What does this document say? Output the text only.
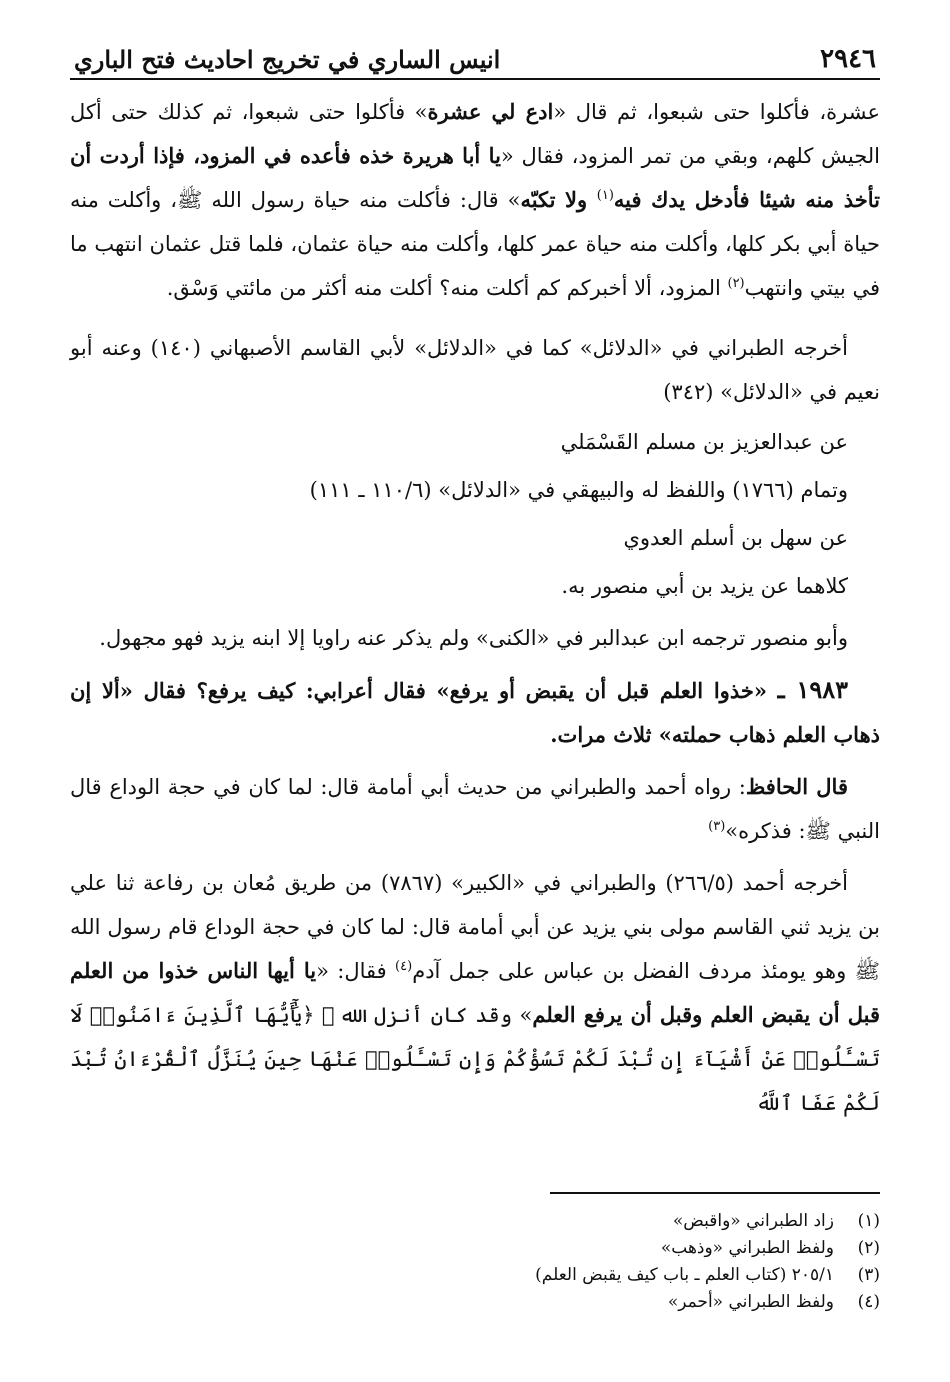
٢٩٤٦
انيس الساري في تخريج احاديث فتح الباري

عشرة، فأكلوا حتى شبعوا، ثم قال «ادع لي عشرة» فأكلوا حتى شبعوا، ثم كذلك حتى أكل الجيش كلهم، وبقي من تمر المزود، فقال «يا أبا هريرة خذه فأعده في المزود، فإذا أردت أن تأخذ منه شيئا فأدخل يدك فيه$^{(١)}$ ولا تكبّه» قال: فأكلت منه حياة رسول الله ﷺ، وأكلت منه حياة أبي بكر كلها، وأكلت منه حياة عمر كلها، وأكلت منه حياة عثمان، فلما قتل عثمان انتهب ما في بيتي وانتهب$^{(٢)}$ المزود، ألا أخبركم كم أكلت منه؟ أكلت منه أكثر من مائتي وَسْق.

أخرجه الطبراني في «الدلائل» كما في «الدلائل» لأبي القاسم الأصبهاني (١٤٠) وعنه أبو نعيم في «الدلائل» (٣٤٢)

عن عبدالعزيز بن مسلم القَسْمَلي

وتمام (١٧٦٦) واللفظ له والبيهقي في «الدلائل» (١١٠/٦ ـ ١١١)

عن سهل بن أسلم العدوي

كلاهما عن يزيد بن أبي منصور به.

وأبو منصور ترجمه ابن عبدالبر في «الكنى» ولم يذكر عنه راويا إلا ابنه يزيد فهو مجهول.

١٩٨٣ ـ «خذوا العلم قبل أن يقبض أو يرفع» فقال أعرابي: كيف يرفع؟ فقال «ألا إن ذهاب العلم ذهاب حملته» ثلاث مرات.

قال الحافظ: رواه أحمد والطبراني من حديث أبي أمامة قال: لما كان في حجة الوداع قال النبي ﷺ: فذكره»$^{(٣)}$

أخرجه أحمد (٢٦٦/٥) والطبراني في «الكبير» (٧٨٦٧) من طريق مُعان بن رفاعة ثنا علي بن يزيد ثني القاسم مولى بني يزيد عن أبي أمامة قال: لما كان في حجة الوداع قام رسول الله ﷺ وهو يومئذ مردف الفضل بن عباس على جمل آدم$^{(٤)}$ فقال: «يا أيها الناس خذوا من العلم قبل أن يقبض العلم وقبل أن يرفع العلم» وقد كان أنزل الله ﷻ ﴿يَٰٓأَيُّهَا ٱلَّذِينَ ءَامَنُوا۟ لَا تَسْـَٔلُوا۟ عَنْ أَشْيَآءَ إِن تُبْدَ لَكُمْ تَسُؤْكُمْ وَإِن تَسْـَٔلُوا۟ عَنْهَا حِينَ يُنَزَّلُ ٱلْقُرْءَانُ تُبْدَ لَكُمْ عَفَا ٱللَّهُ

(١)
زاد الطبراني «واقبض»
(٢)
ولفظ الطبراني «وذهب»
(٣)
٢٠٥/١ (كتاب العلم ـ باب كيف يقبض العلم)
(٤)
ولفظ الطبراني «أحمر»
